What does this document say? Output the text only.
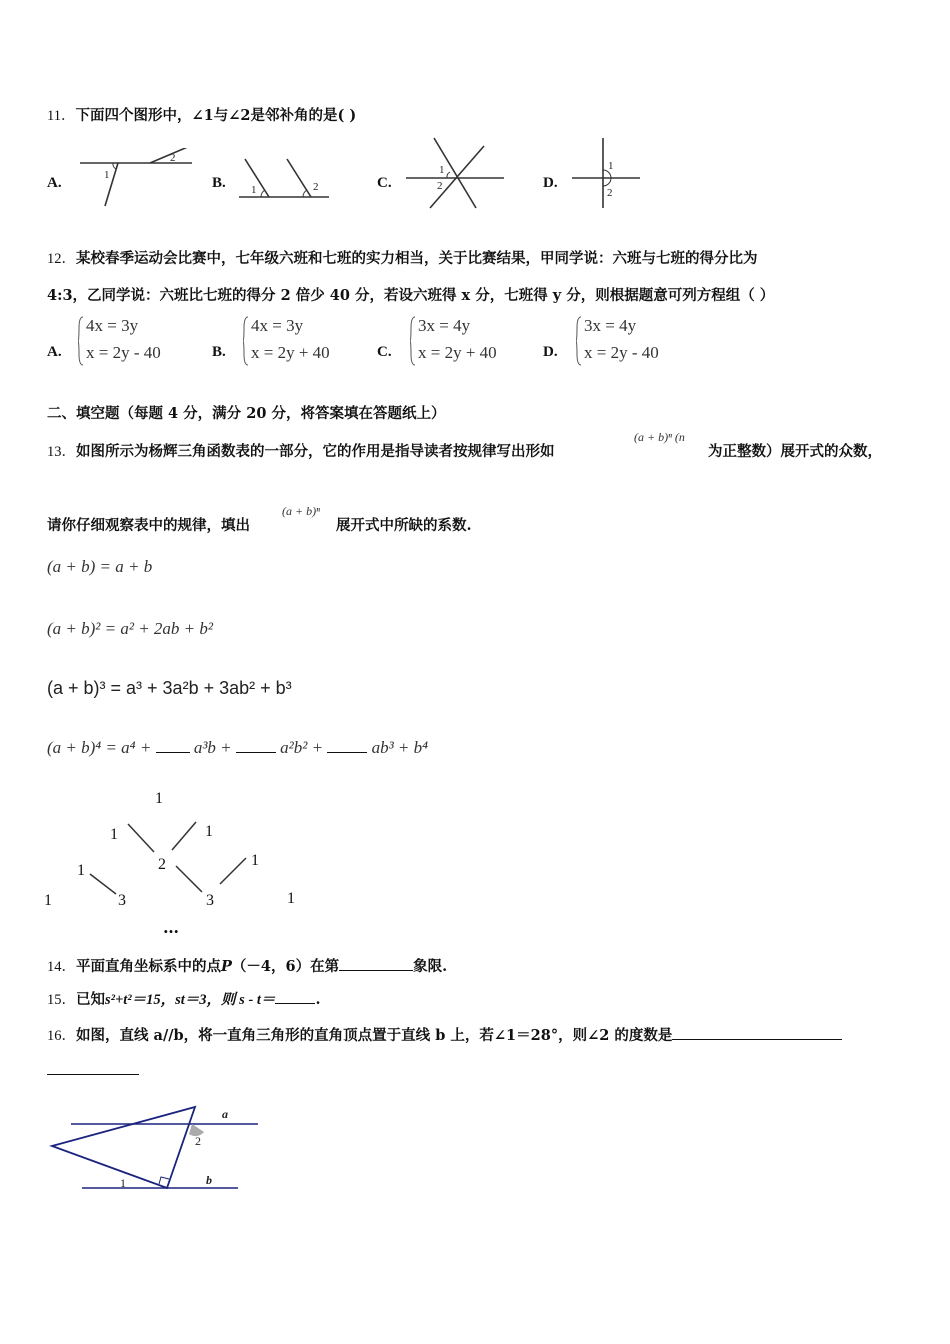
11．下面四个图形中，∠1与∠2是邻补角的是( )
A.	1
2
B. 1	2	C.
1
2	D.
1
2
12．某校春季运动会比赛中，七年级六班和七班的实力相当，关于比赛结果，甲同学说：六班与七班的得分比为
4:3，乙同学说：六班比七班的得分 2 倍少 40 分，若设六班得 x 分，七班得 y 分，则根据题意可列方程组（ ）
A.
4x = 3y
x = 2y - 40	B.
4x = 3y
x = 2y + 40	C.
3x = 4y
x = 2y + 40	D.
3x = 4y
x = 2y - 40
二、填空题（每题 4 分，满分 20 分，将答案填在答题纸上）
13．如图所示为杨辉三角函数表的一部分，它的作用是指导读者按规律写出形如
(a + b)ⁿ (n
为正整数）展开式的众数，
请你仔细观察表中的规律，填出
(a + b)ⁿ
展开式中所缺的系数.
(a + b) = a + b
(a + b)² = a² + 2ab + b²
(a + b)³ = a³ + 3a²b + 3ab² + b³
(a + b)⁴ = a⁴ +	a³b +	a²b² +	ab³ + b⁴
1
1	1
1	2	1
1	3	3	1
…
14．平面直角坐标系中的点P（－4，6）在第	象限.
15．已知s²+t²＝15，st＝3，则 s - t＝	.
16．如图，直线 a//b，将一直角三角形的直角顶点置于直线 b 上，若∠1＝28°，则∠2 的度数是
a
b
1
2
